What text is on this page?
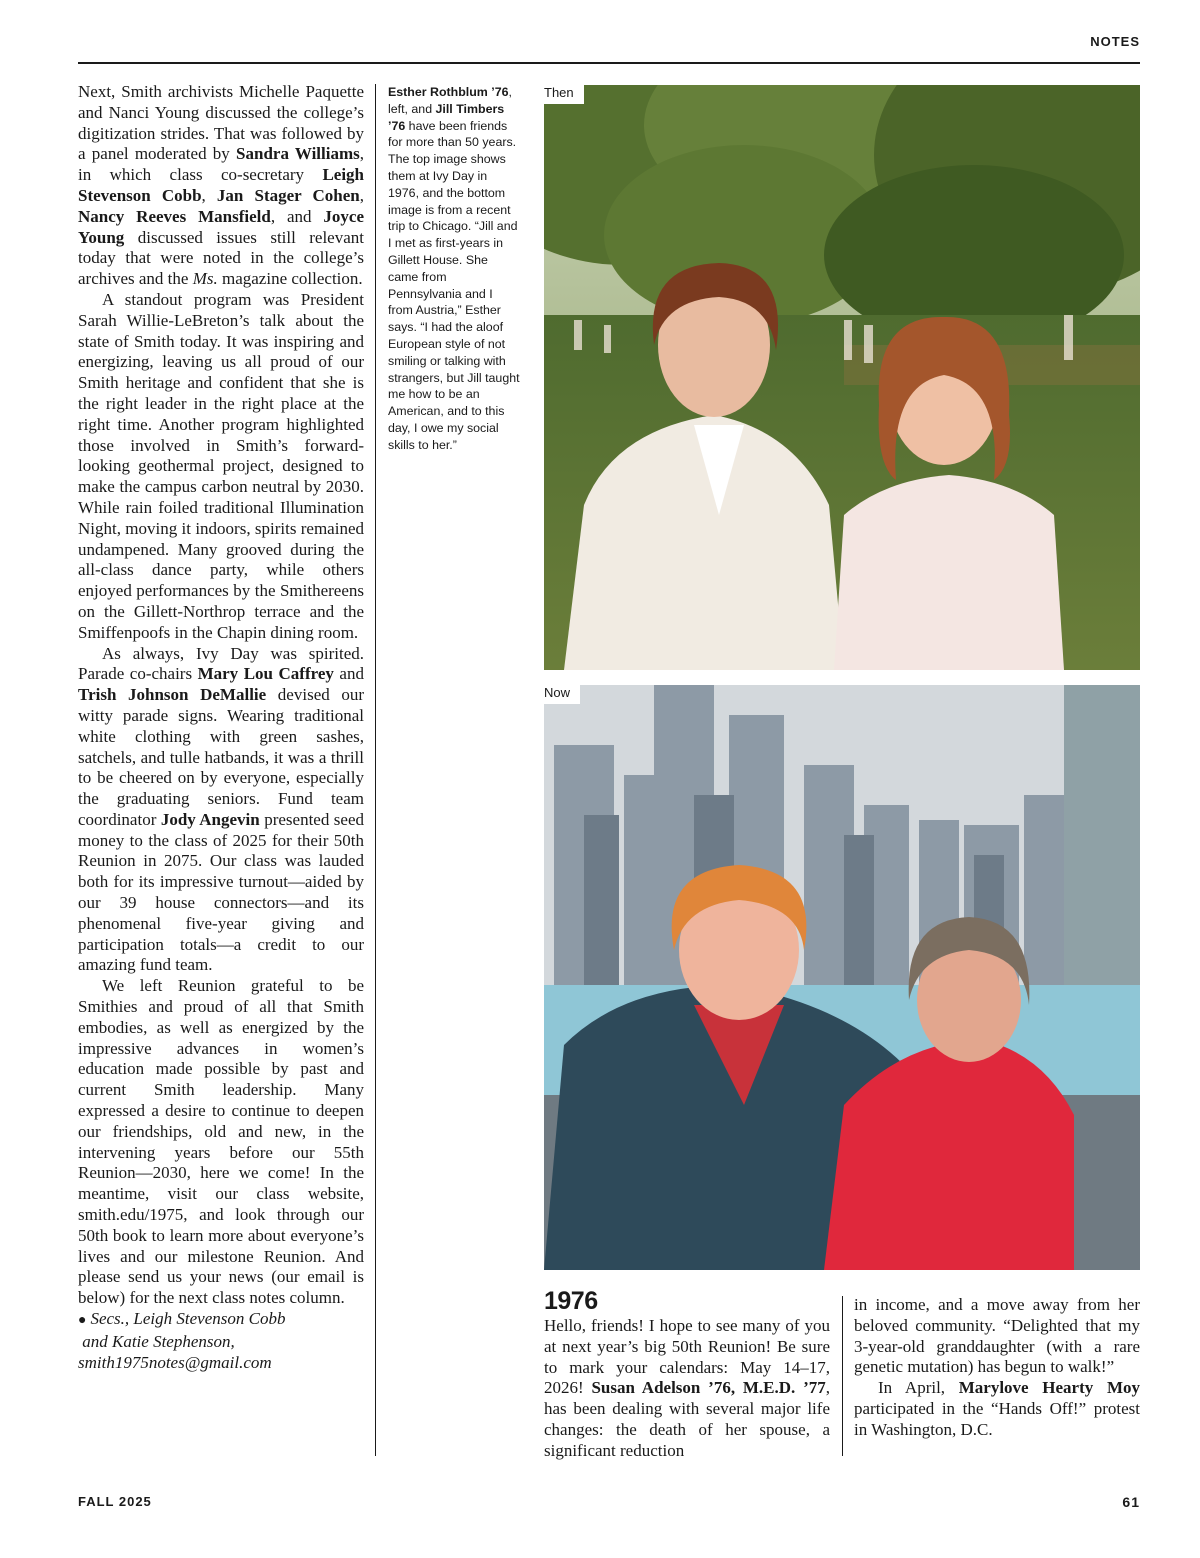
NOTES

Next, Smith archivists Michelle Paquette and Nanci Young discussed the college’s digitization strides. That was followed by a panel moderated by Sandra Williams, in which class co-secretary Leigh Stevenson Cobb, Jan Stager Cohen, Nancy Reeves Mansfield, and Joyce Young discussed issues still relevant today that were noted in the college’s archives and the Ms. magazine collection.

A standout program was President Sarah Willie-LeBreton’s talk about the state of Smith today. It was inspiring and energizing, leaving us all proud of our Smith heritage and confident that she is the right leader in the right place at the right time. Another program highlighted those involved in Smith’s forward-looking geothermal project, designed to make the campus carbon neutral by 2030. While rain foiled traditional Illumination Night, moving it indoors, spirits remained undampened. Many grooved during the all-class dance party, while others enjoyed performances by the Smithereens on the Gillett-Northrop terrace and the Smiffenpoofs in the Chapin dining room.

As always, Ivy Day was spirited. Parade co-chairs Mary Lou Caffrey and Trish Johnson DeMallie devised our witty parade signs. Wearing traditional white clothing with green sashes, satchels, and tulle hatbands, it was a thrill to be cheered on by everyone, especially the graduating seniors. Fund team coordinator Jody Angevin presented seed money to the class of 2025 for their 50th Reunion in 2075. Our class was lauded both for its impressive turnout—aided by our 39 house connectors—and its phenomenal five-year giving and participation totals—a credit to our amazing fund team.

We left Reunion grateful to be Smithies and proud of all that Smith embodies, as well as energized by the impressive advances in women’s education made possible by past and current Smith leadership. Many expressed a desire to continue to deepen our friendships, old and new, in the intervening years before our 55th Reunion—2030, here we come! In the meantime, visit our class website, smith.edu/1975, and look through our 50th book to learn more about everyone’s lives and our milestone Reunion. And please send us your news (our email is below) for the next class notes column.

● Secs., Leigh Stevenson Cobb
and Katie Stephenson,
smith1975notes@gmail.com

Esther Rothblum ’76, left, and Jill Timbers ’76 have been friends for more than 50 years. The top image shows them at Ivy Day in 1976, and the bottom image is from a recent trip to Chicago. “Jill and I met as first-years in Gillett House. She came from Pennsylvania and I from Austria,” Esther says. “I had the aloof European style of not smiling or talking with strangers, but Jill taught me how to be an American, and to this day, I owe my social skills to her.”
Then
Now
1976

Hello, friends! I hope to see many of you at next year’s big 50th Reunion! Be sure to mark your calendars: May 14–17, 2026! Susan Adelson ’76, M.E.D. ’77, has been dealing with several major life changes: the death of her spouse, a significant reduction

in income, and a move away from her beloved community. “Delighted that my 3-year-old granddaughter (with a rare genetic mutation) has begun to walk!”

In April, Marylove Hearty Moy participated in the “Hands Off!” protest in Washington, D.C.

FALL 2025	61
